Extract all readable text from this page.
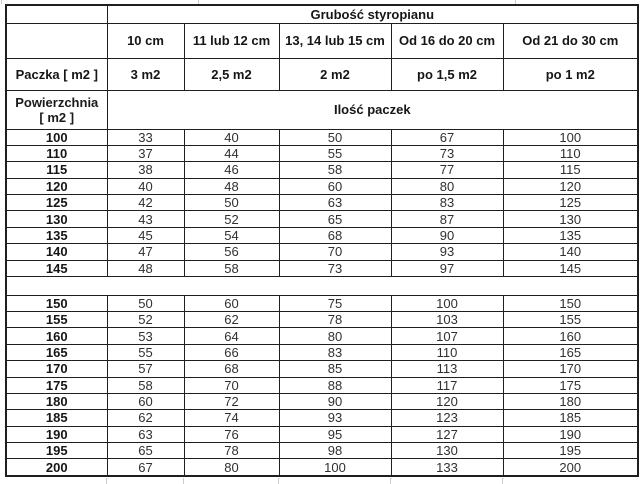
	Grubość styropianu				
	10 cm	11 lub 12 cm	13, 14 lub 15 cm	Od 16 do 20 cm	Od 21 do 30 cm
Paczka [ m2 ]	3 m2	2,5 m2	2 m2	po 1,5 m2	po 1 m2

Powierzchnia
[ m2 ]	Ilość paczek				
100	33	40	50	67	100
110	37	44	55	73	110
115	38	46	58	77	115
120	40	48	60	80	120
125	42	50	63	83	125
130	43	52	65	87	130
135	45	54	68	90	135
140	47	56	70	93	140
145	48	58	73	97	145

150	50	60	75	100	150
155	52	62	78	103	155
160	53	64	80	107	160
165	55	66	83	110	165
170	57	68	85	113	170
175	58	70	88	117	175
180	60	72	90	120	180
185	62	74	93	123	185
190	63	76	95	127	190
195	65	78	98	130	195
200	67	80	100	133	200
